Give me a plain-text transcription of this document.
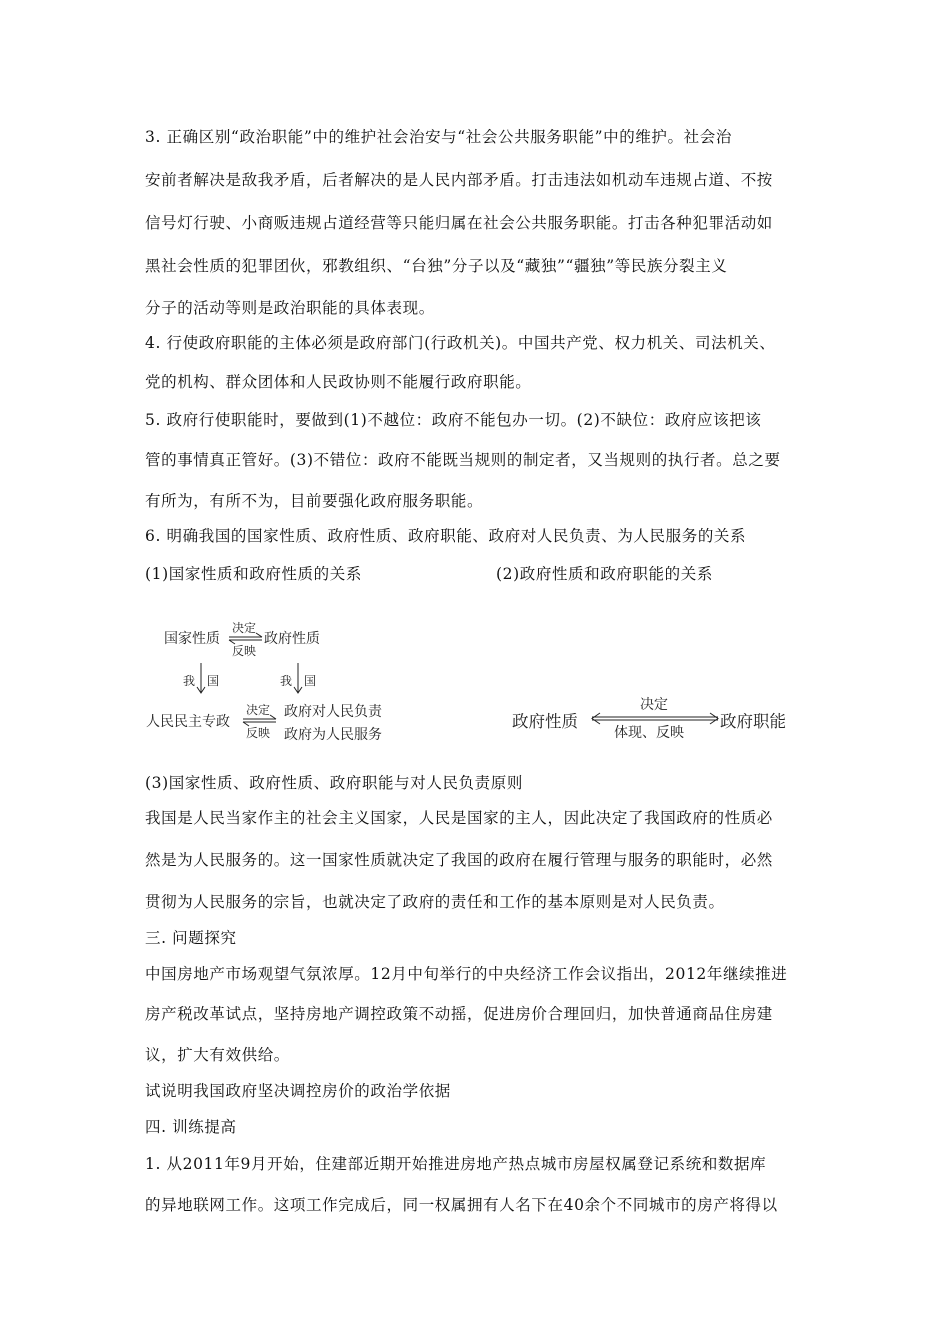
3. 正确区别“政治职能”中的维护社会治安与“社会公共服务职能”中的维护。社会治
安前者解决是敌我矛盾，后者解决的是人民内部矛盾。打击违法如机动车违规占道、不按
信号灯行驶、小商贩违规占道经营等只能归属在社会公共服务职能。打击各种犯罪活动如
黑社会性质的犯罪团伙，邪教组织、“台独”分子以及“藏独”“疆独”等民族分裂主义
分子的活动等则是政治职能的具体表现。
4. 行使政府职能的主体必须是政府部门(行政机关)。中国共产党、权力机关、司法机关、
党的机构、群众团体和人民政协则不能履行政府职能。
5. 政府行使职能时，要做到(1)不越位：政府不能包办一切。(2)不缺位：政府应该把该
管的事情真正管好。(3)不错位：政府不能既当规则的制定者，又当规则的执行者。总之要
有所为，有所不为，目前要强化政府服务职能。
6. 明确我国的国家性质、政府性质、政府职能、政府对人民负责、为人民服务的关系
(1)国家性质和政府性质的关系	(2)政府性质和政府职能的关系
国家性质
决定
反映
政府性质
我 国	我 国
人民民主专政
决定
反映
政府对人民负责
政府为人民服务
政府性质
决定
体现、反映
政府职能
(3)国家性质、政府性质、政府职能与对人民负责原则
我国是人民当家作主的社会主义国家，人民是国家的主人，因此决定了我国政府的性质必
然是为人民服务的。这一国家性质就决定了我国的政府在履行管理与服务的职能时，必然
贯彻为人民服务的宗旨，也就决定了政府的责任和工作的基本原则是对人民负责。
三. 问题探究
中国房地产市场观望气氛浓厚。12月中旬举行的中央经济工作会议指出，2012年继续推进
房产税改革试点，坚持房地产调控政策不动摇，促进房价合理回归，加快普通商品住房建
议，扩大有效供给。
试说明我国政府坚决调控房价的政治学依据
四. 训练提高
1. 从2011年9月开始，住建部近期开始推进房地产热点城市房屋权属登记系统和数据库
的异地联网工作。这项工作完成后，同一权属拥有人名下在40余个不同城市的房产将得以
